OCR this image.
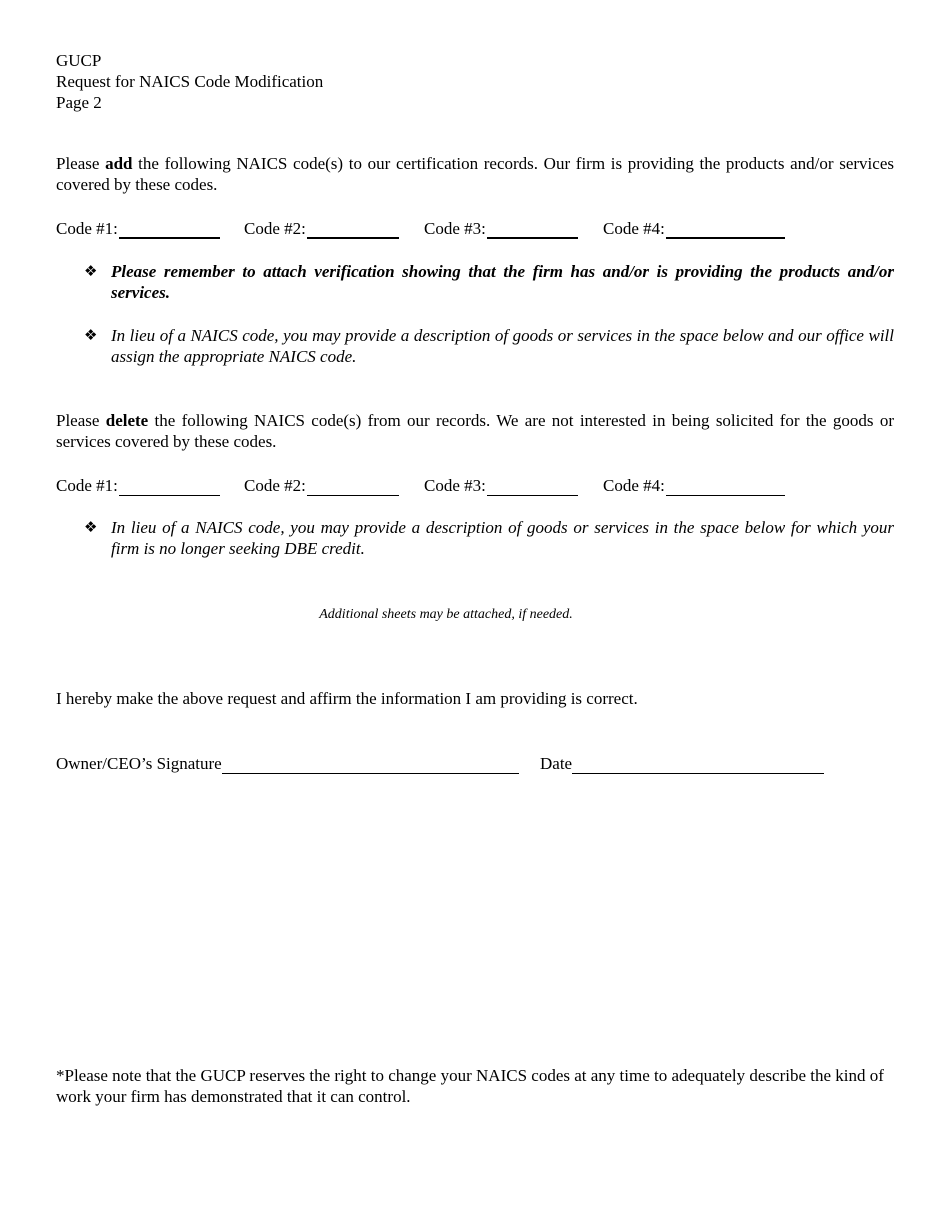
GUCP
Request for NAICS Code Modification
Page 2
Please add the following NAICS code(s) to our certification records. Our firm is providing the products and/or services covered by these codes.
Code #1:	Code #2:	Code #3:	Code #4:
❖ Please remember to attach verification showing that the firm has and/or is providing the products and/or services.
❖ In lieu of a NAICS code, you may provide a description of goods or services in the space below and our office will assign the appropriate NAICS code.
Please delete the following NAICS code(s) from our records. We are not interested in being solicited for the goods or services covered by these codes.
Code #1:	Code #2:	Code #3:	Code #4:
❖ In lieu of a NAICS code, you may provide a description of goods or services in the space below for which your firm is no longer seeking DBE credit.
Additional sheets may be attached, if needed.
I hereby make the above request and affirm the information I am providing is correct.
Owner/CEO’s Signature	Date
*Please note that the GUCP reserves the right to change your NAICS codes at any time to adequately describe the kind of work your firm has demonstrated that it can control.
